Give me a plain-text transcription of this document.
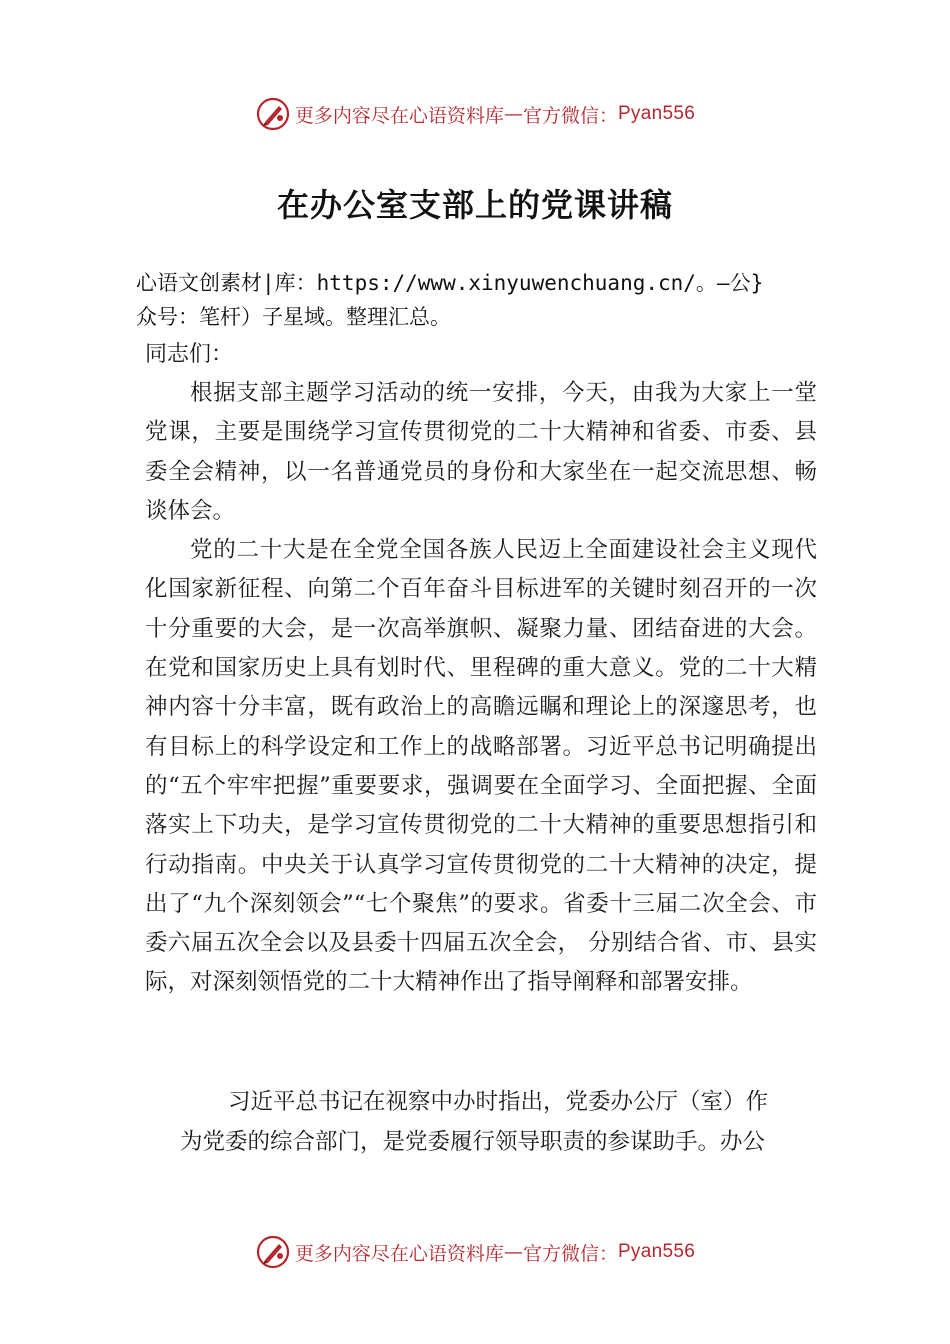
更多内容尽在心语资料库 — 官方微信： Pyan556
在办公室支部上的党课讲稿
心语文创素材|库：https://www.xinyuwenchuang.cn/。—公}
众号：笔杆）子星域。整理汇总。
同志们：

根据支部主题学习活动的统一安排，今天，由我为大家上一堂党课，主要是围绕学习宣传贯彻党的二十大精神和省委、市委、县委全会精神，以一名普通党员的身份和大家坐在一起交流思想、畅谈体会。

党的二十大是在全党全国各族人民迈上全面建设社会主义现代化国家新征程、向第二个百年奋斗目标进军的关键时刻召开的一次十分重要的大会，是一次高举旗帜、凝聚力量、团结奋进的大会。在党和国家历史上具有划时代、里程碑的重大意义。党的二十大精神内容十分丰富，既有政治上的高瞻远瞩和理论上的深邃思考，也有目标上的科学设定和工作上的战略部署。习近平总书记明确提出的“五个牢牢把握”重要要求，强调要在全面学习、全面把握、全面落实上下功夫，是学习宣传贯彻党的二十大精神的重要思想指引和行动指南。中央关于认真学习宣传贯彻党的二十大精神的决定，提出了“九个深刻领会”“七个聚焦”的要求。省委十三届二次全会、市委六届五次全会以及县委十四届五次全会， 分别结合省、市、县实际，对深刻领悟党的二十大精神作出了指导阐释和部署安排。

习近平总书记在视察中办时指出，党委办公厅（室）作
为党委的综合部门，是党委履行领导职责的参谋助手。办公
更多内容尽在心语资料库 — 官方微信： Pyan556
